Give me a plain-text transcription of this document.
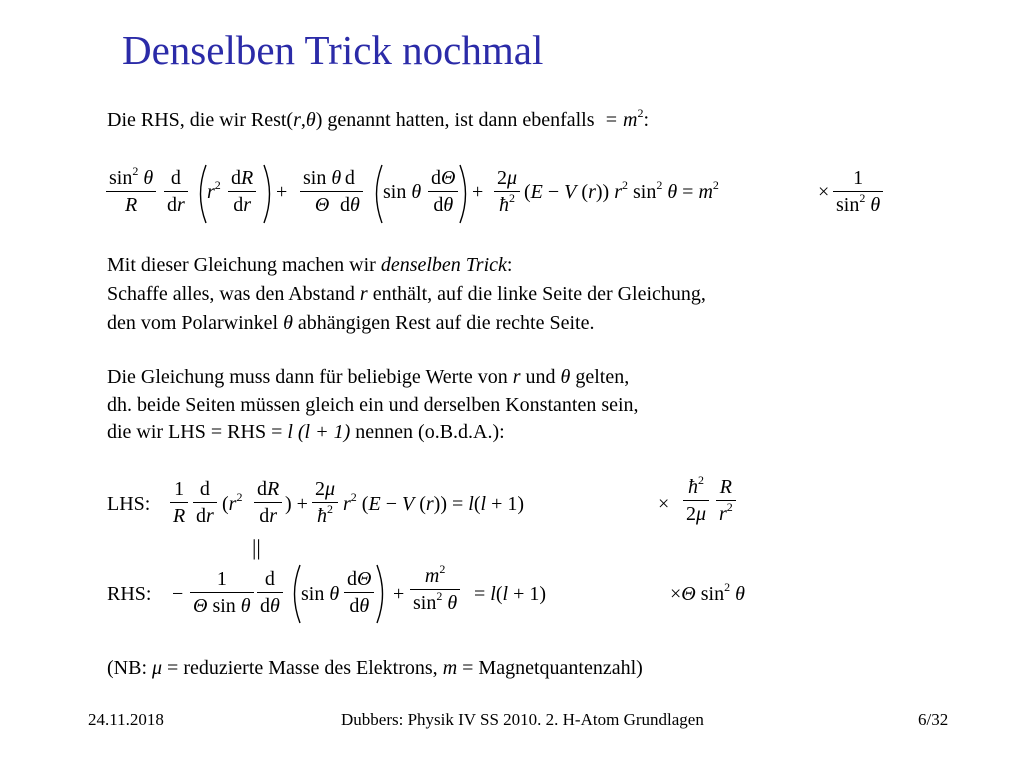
Denselben Trick nochmal
Die RHS, die wir Rest(r,θ) genannt hatten, ist dann ebenfalls = $m^2$:
$\sin^2 \theta$
R
d
dr
$r^2$ dR
dr
+
sin θ
Θ
d
dθ
sin θ
dΘ
dθ
+
2μ
$ħ^2$ (E − V (r)) $r^2$ $\sin^2 \theta = m^2$	×
1
$\sin^2 \theta$
Mit dieser Gleichung machen wir denselben Trick:
Schaffe alles, was den Abstand r enthält, auf die linke Seite der Gleichung,
den vom Polarwinkel θ abhängigen Rest auf die rechte Seite.
Die Gleichung muss dann für beliebige Werte von r und θ gelten,
dh. beide Seiten müssen gleich ein und derselben Konstanten sein,
die wir LHS = RHS = l (l + 1) nennen (o.B.d.A.):
LHS:
1
R
d
dr
($r^2$ dR
dr
) +
2μ
$ħ^2$ $r^2$ (E − V (r)) = l(l + 1)	×
$ħ^2$
2μ
R
$r^2$
||
RHS: −
1
Θ sin θ
d
dθ
sin θ
dΘ
dθ
+
$m^2$
$\sin^2 \theta = l(l + 1)$	×Θ $\sin^2 \theta$
(NB: μ = reduzierte Masse des Elektrons, m = Magnetquantenzahl)
24.11.2018	Dubbers: Physik IV SS 2010. 2. H-Atom Grundlagen	6/32
